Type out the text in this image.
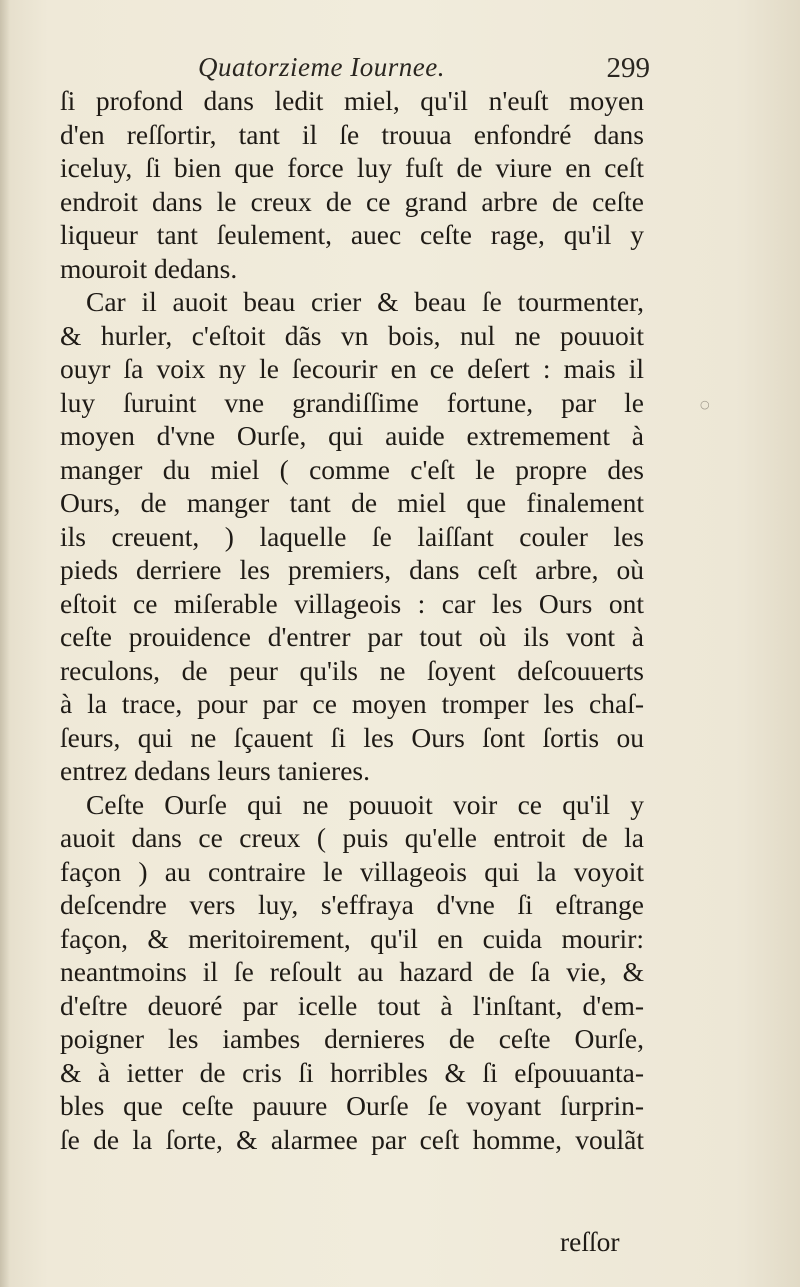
Quatorzieme Iournee.	299
ſi profond dans ledit miel, qu'il n'euſt moyen
d'en reſſortir, tant il ſe trouua enfondré dans
iceluy, ſi bien que force luy fuſt de viure en ceſt
endroit dans le creux de ce grand arbre de ceſte
liqueur tant ſeulement, auec ceſte rage, qu'il y
mouroit dedans.
Car il auoit beau crier & beau ſe tourmenter,
& hurler, c'eſtoit dãs vn bois, nul ne pouuoit
ouyr ſa voix ny le ſecourir en ce deſert : mais il
luy ſuruint vne grandiſſime fortune, par le
moyen d'vne Ourſe, qui auide extremement à
manger du miel ( comme c'eſt le propre des
Ours, de manger tant de miel que finalement
ils creuent, ) laquelle ſe laiſſant couler les
pieds derriere les premiers, dans ceſt arbre, où
eſtoit ce miſerable villageois : car les Ours ont
ceſte prouidence d'entrer par tout où ils vont à
reculons, de peur qu'ils ne ſoyent deſcouuerts
à la trace, pour par ce moyen tromper les chaſ-
ſeurs, qui ne ſçauent ſi les Ours ſont ſortis ou
entrez dedans leurs tanieres.
Ceſte Ourſe qui ne pouuoit voir ce qu'il y
auoit dans ce creux ( puis qu'elle entroit de la
façon ) au contraire le villageois qui la voyoit
deſcendre vers luy, s'effraya d'vne ſi eſtrange
façon, & meritoirement, qu'il en cuida mourir:
neantmoins il ſe reſoult au hazard de ſa vie, &
d'eſtre deuoré par icelle tout à l'inſtant, d'em-
poigner les iambes dernieres de ceſte Ourſe,
& à ietter de cris ſi horribles & ſi eſpouuanta-
bles que ceſte pauure Ourſe ſe voyant ſurprin-
ſe de la ſorte, & alarmee par ceſt homme, voulãt
reſſor
○
